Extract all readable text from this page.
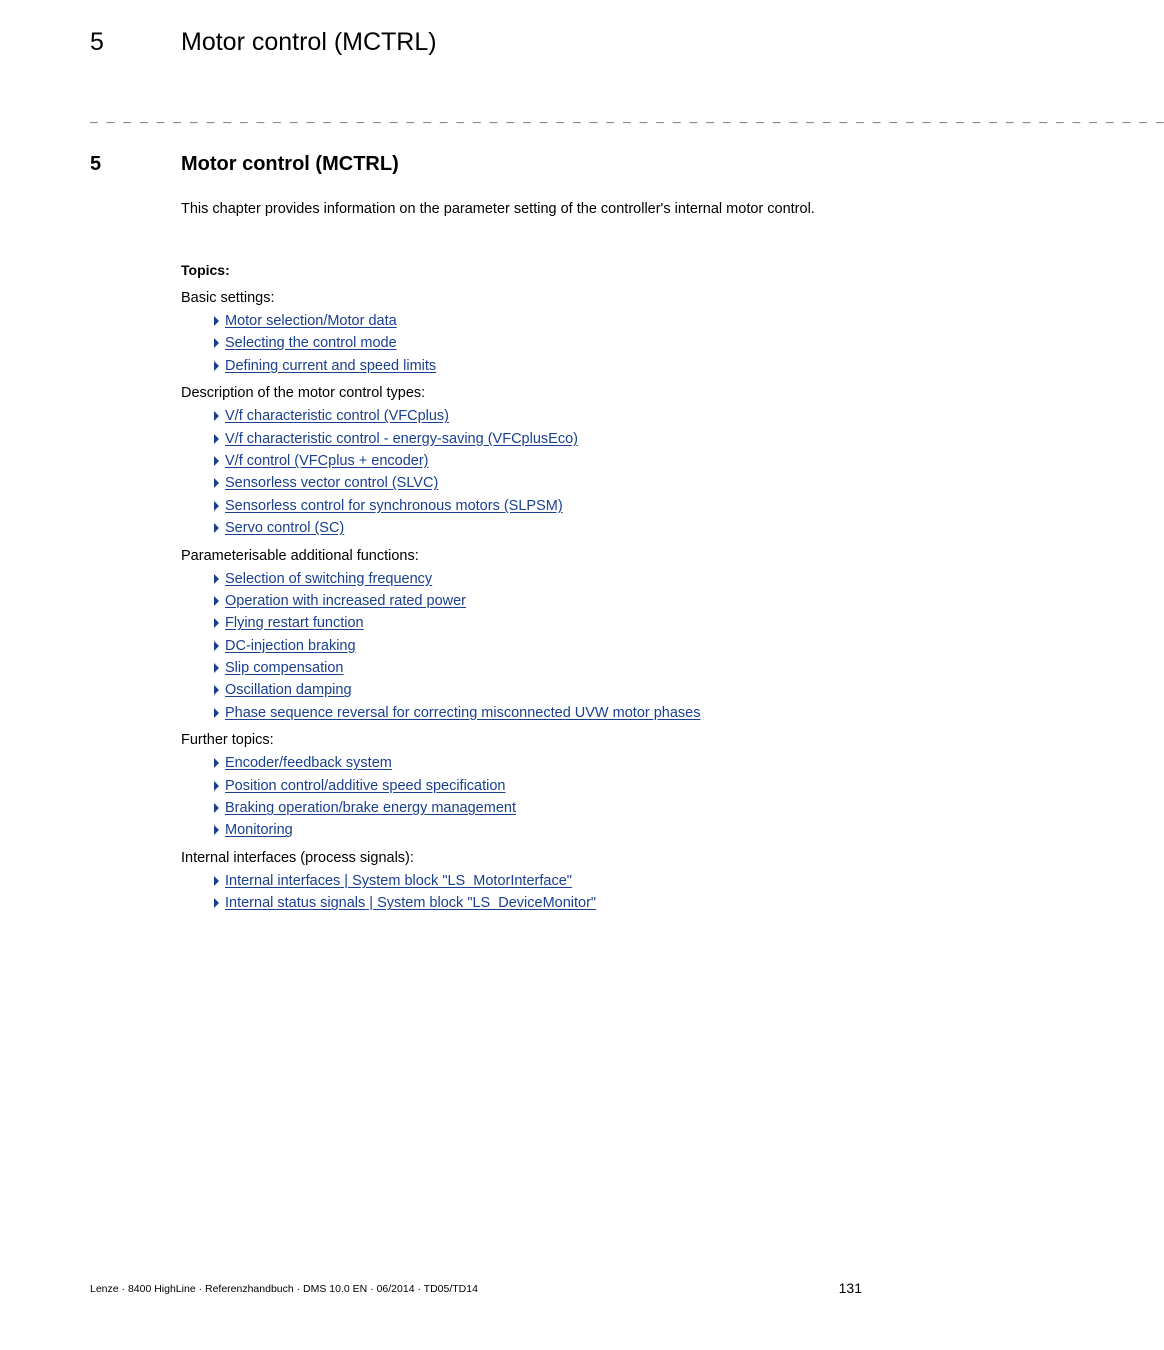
5	Motor control (MCTRL)
_ _ _ _ _ _ _ _ _ _ _ _ _ _ _ _ _ _ _ _ _ _ _ _ _ _ _ _ _ _ _ _ _ _ _ _ _ _ _ _ _ _ _ _ _ _ _ _ _ _ _ _ _ _ _ _ _ _ _ _ _ _ _ _ _
5	Motor control (MCTRL)
This chapter provides information on the parameter setting of the controller's internal motor control.
Topics:
Basic settings:
Motor selection/Motor data
Selecting the control mode
Defining current and speed limits
Description of the motor control types:
V/f characteristic control (VFCplus)
V/f characteristic control - energy-saving (VFCplusEco)
V/f control (VFCplus + encoder)
Sensorless vector control (SLVC)
Sensorless control for synchronous motors (SLPSM)
Servo control (SC)
Parameterisable additional functions:
Selection of switching frequency
Operation with increased rated power
Flying restart function
DC-injection braking
Slip compensation
Oscillation damping
Phase sequence reversal for correcting misconnected UVW motor phases
Further topics:
Encoder/feedback system
Position control/additive speed specification
Braking operation/brake energy management
Monitoring
Internal interfaces (process signals):
Internal interfaces | System block "LS_MotorInterface"
Internal status signals | System block "LS_DeviceMonitor"
Lenze · 8400 HighLine · Referenzhandbuch · DMS 10.0 EN · 06/2014 · TD05/TD14	131
